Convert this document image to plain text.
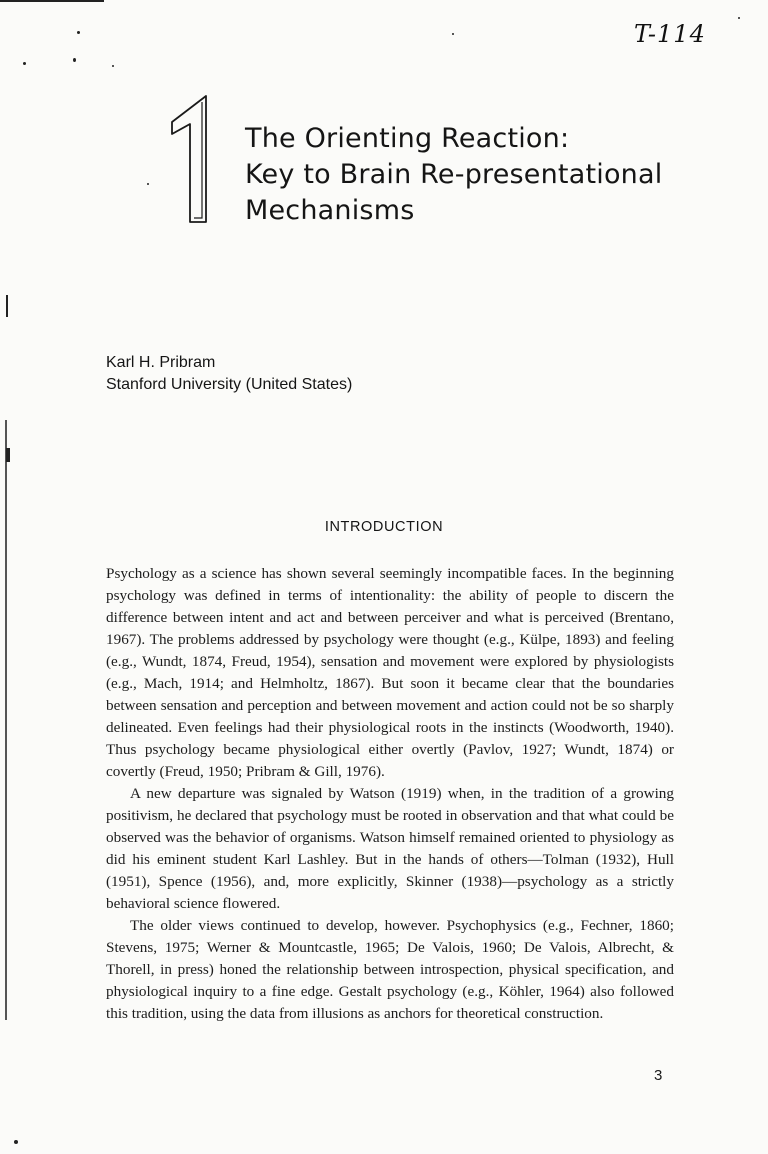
T-114
The Orienting Reaction:
Key to Brain Re-presentational
Mechanisms
Karl H. Pribram
Stanford University (United States)
INTRODUCTION

Psychology as a science has shown several seemingly incompatible faces. In the beginning psychology was defined in terms of intentionality: the ability of people to discern the difference between intent and act and between perceiver and what is perceived (Brentano, 1967). The problems addressed by psychology were thought (e.g., Külpe, 1893) and feeling (e.g., Wundt, 1874, Freud, 1954), sensation and movement were explored by physiologists (e.g., Mach, 1914; and Helmholtz, 1867). But soon it became clear that the boundaries between sensation and perception and between movement and action could not be so sharply delineated. Even feelings had their physiological roots in the instincts (Woodworth, 1940). Thus psychology became physiological either overtly (Pavlov, 1927; Wundt, 1874) or covertly (Freud, 1950; Pribram & Gill, 1976).

A new departure was signaled by Watson (1919) when, in the tradition of a growing positivism, he declared that psychology must be rooted in observation and that what could be observed was the behavior of organisms. Watson himself remained oriented to physiology as did his eminent student Karl Lashley. But in the hands of others—Tolman (1932), Hull (1951), Spence (1956), and, more explicitly, Skinner (1938)—psychology as a strictly behavioral science flowered.

The older views continued to develop, however. Psychophysics (e.g., Fechner, 1860; Stevens, 1975; Werner & Mountcastle, 1965; De Valois, 1960; De Valois, Albrecht, & Thorell, in press) honed the relationship between introspection, physical specification, and physiological inquiry to a fine edge. Gestalt psychology (e.g., Köhler, 1964) also followed this tradition, using the data from illusions as anchors for theoretical construction.

3
